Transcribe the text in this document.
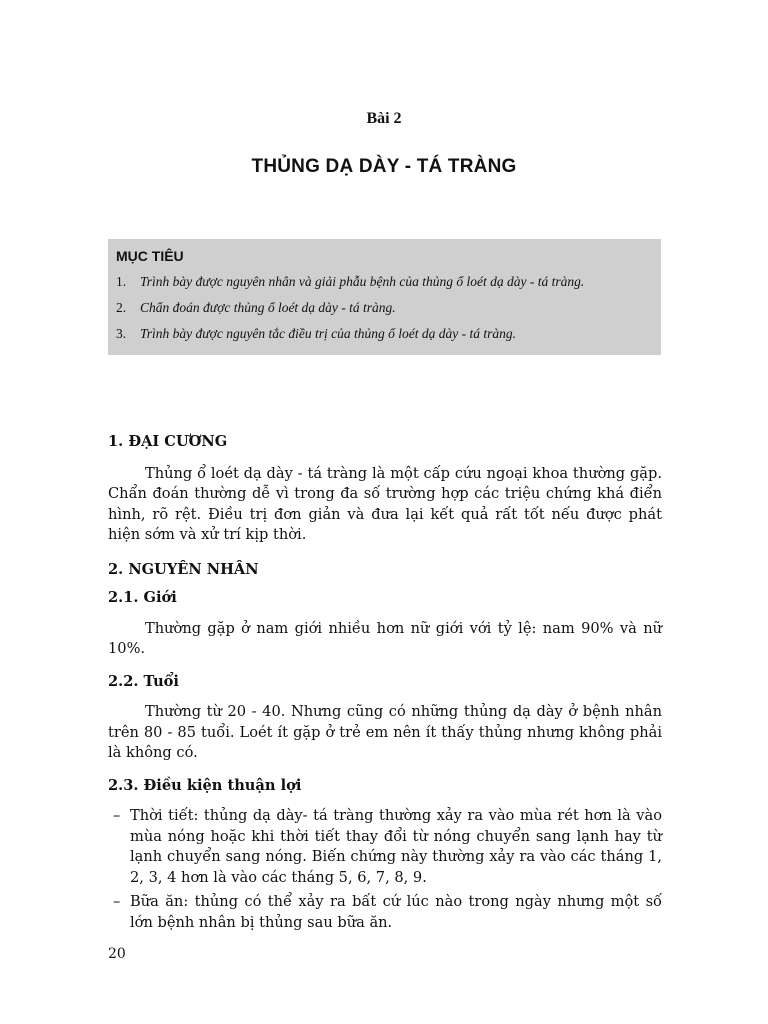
Bài 2
THỦNG DẠ DÀY - TÁ TRÀNG
MỤC TIÊU
1.	Trình bày được nguyên nhân và giải phẫu bệnh của thủng ổ loét dạ dày - tá tràng.
2.	Chẩn đoán được thủng ổ loét dạ dày - tá tràng.
3.	Trình bày được nguyên tắc điều trị của thủng ổ loét dạ dày - tá tràng.
1. ĐẠI CƯƠNG

Thủng ổ loét dạ dày - tá tràng là một cấp cứu ngoại khoa thường gặp. Chẩn đoán thường dễ vì trong đa số trường hợp các triệu chứng khá điển hình, rõ rệt. Điều trị đơn giản và đưa lại kết quả rất tốt nếu được phát hiện sớm và xử trí kịp thời.

2. NGUYÊN NHÂN
2.1. Giới

Thường gặp ở nam giới nhiều hơn nữ giới với tỷ lệ: nam 90% và nữ 10%.

2.2. Tuổi

Thường từ 20 - 40. Nhưng cũng có những thủng dạ dày ở bệnh nhân trên 80 - 85 tuổi. Loét ít gặp ở trẻ em nên ít thấy thủng nhưng không phải là không có.

2.3. Điều kiện thuận lợi
– Thời tiết: thủng dạ dày- tá tràng thường xảy ra vào mùa rét hơn là vào mùa nóng hoặc khi thời tiết thay đổi từ nóng chuyển sang lạnh hay từ lạnh chuyển sang nóng. Biến chứng này thường xảy ra vào các tháng 1, 2, 3, 4 hơn là vào các tháng 5, 6, 7, 8, 9.
– Bữa ăn: thủng có thể xảy ra bất cứ lúc nào trong ngày nhưng một số lớn bệnh nhân bị thủng sau bữa ăn.
20
